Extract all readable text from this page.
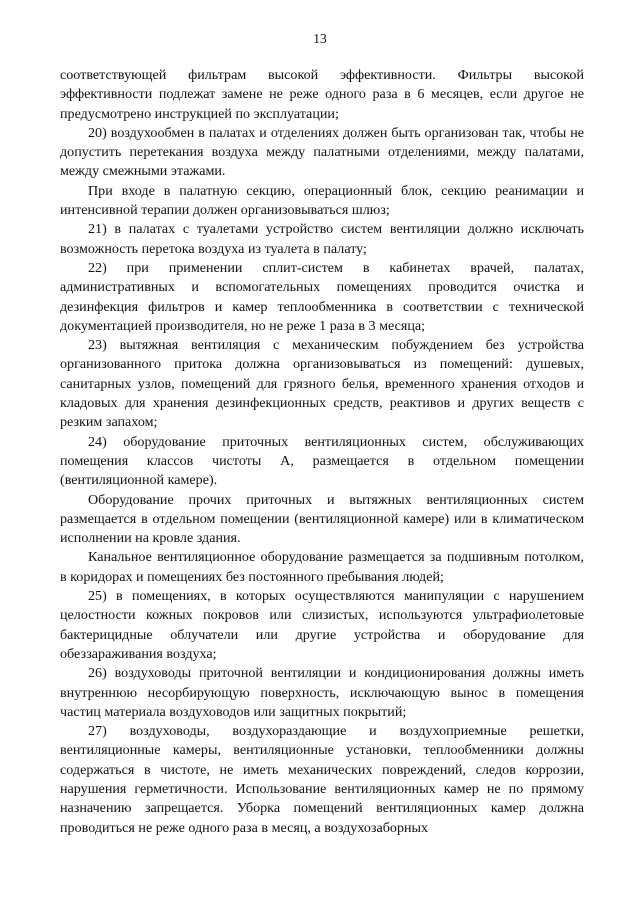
13

соответствующей фильтрам высокой эффективности. Фильтры высокой эффективности подлежат замене не реже одного раза в 6 месяцев, если другое не предусмотрено инструкцией по эксплуатации;

20) воздухообмен в палатах и отделениях должен быть организован так, чтобы не допустить перетекания воздуха между палатными отделениями, между палатами, между смежными этажами.

При входе в палатную секцию, операционный блок, секцию реанимации и интенсивной терапии должен организовываться шлюз;

21) в палатах с туалетами устройство систем вентиляции должно исключать возможность перетока воздуха из туалета в палату;

22) при применении сплит-систем в кабинетах врачей, палатах, административных и вспомогательных помещениях проводится очистка и дезинфекция фильтров и камер теплообменника в соответствии с технической документацией производителя, но не реже 1 раза в 3 месяца;

23) вытяжная вентиляция с механическим побуждением без устройства организованного притока должна организовываться из помещений: душевых, санитарных узлов, помещений для грязного белья, временного хранения отходов и кладовых для хранения дезинфекционных средств, реактивов и других веществ с резким запахом;

24) оборудование приточных вентиляционных систем, обслуживающих помещения классов чистоты А, размещается в отдельном помещении (вентиляционной камере).

Оборудование прочих приточных и вытяжных вентиляционных систем размещается в отдельном помещении (вентиляционной камере) или в климатическом исполнении на кровле здания.

Канальное вентиляционное оборудование размещается за подшивным потолком, в коридорах и помещениях без постоянного пребывания людей;

25) в помещениях, в которых осуществляются манипуляции с нарушением целостности кожных покровов или слизистых, используются ультрафиолетовые бактерицидные облучатели или другие устройства и оборудование для обеззараживания воздуха;

26) воздуховоды приточной вентиляции и кондиционирования должны иметь внутреннюю несорбирующую поверхность, исключающую вынос в помещения частиц материала воздуховодов или защитных покрытий;

27) воздуховоды, воздухораздающие и воздухоприемные решетки, вентиляционные камеры, вентиляционные установки, теплообменники должны содержаться в чистоте, не иметь механических повреждений, следов коррозии, нарушения герметичности. Использование вентиляционных камер не по прямому назначению запрещается. Уборка помещений вентиляционных камер должна проводиться не реже одного раза в месяц, а воздухозаборных
